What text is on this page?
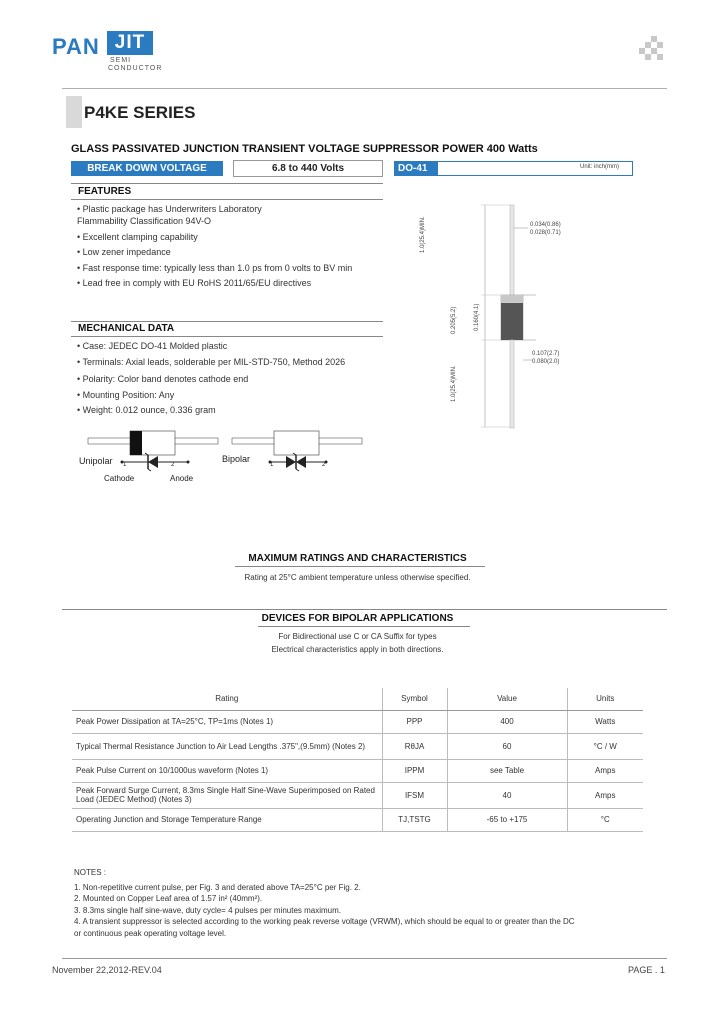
PAN JIT
SEMI
CONDUCTOR
P4KE SERIES
GLASS PASSIVATED JUNCTION TRANSIENT VOLTAGE SUPPRESSOR POWER 400 Watts
BREAK DOWN VOLTAGE	6.8 to 440 Volts	DO-41	Unit: inch(mm)
FEATURES
• Plastic package has Underwriters Laboratory
Flammability Classification 94V-O
• Excellent clamping capability
• Low zener impedance
• Fast response time: typically less than 1.0 ps from 0 volts to BV min
• Lead free in comply with EU RoHS 2011/65/EU directives
MECHANICAL DATA
• Case: JEDEC DO-41 Molded plastic
• Terminals: Axial leads, solderable per MIL-STD-750, Method 2026
• Polarity: Color band denotes cathode end
• Mounting Position: Any
• Weight: 0.012 ounce, 0.336 gram
1.0(25.4)MIN.
0.205(5.2)	0.160(4.1)
1.0(25.4)MIN.
0.034(0.86)
0.028(0.71)
0.107(2.7)
0.080(2.0)
Unipolar	Bipolar
Cathode	Anode
1	2	1	2
MAXIMUM RATINGS AND CHARACTERISTICS
Rating at 25°C ambient temperature unless otherwise specified.
DEVICES FOR BIPOLAR APPLICATIONS
For Bidirectional use C or CA Suffix for types
Electrical characteristics apply in both directions.
Rating	Symbol	Value	Units
Peak Power Dissipation at TA=25°C, TP=1ms (Notes 1)	PPP	400	Watts
Typical Thermal Resistance Junction to Air Lead Lengths .375",(9.5mm) (Notes 2)	RθJA	60	°C / W
Peak Pulse Current on 10/1000us waveform (Notes 1)	IPPM	see Table	Amps
Peak Forward Surge Current, 8.3ms Single Half Sine-Wave Superimposed on Rated Load (JEDEC Method) (Notes 3)	IFSM	40	Amps
Operating Junction and Storage Temperature Range	TJ,TSTG	-65 to +175	°C
NOTES :
1. Non-repetitive current pulse, per Fig. 3 and derated above TA=25°C per Fig. 2.
2. Mounted on Copper Leaf area of 1.57 in² (40mm²).
3. 8.3ms single half sine-wave, duty cycle= 4 pulses per minutes maximum.
4. A transient suppressor is selected according to the working peak reverse voltage (VRWM), which should be equal to or greater than the DC
or continuous peak operating voltage level.
November 22,2012-REV.04	PAGE . 1
